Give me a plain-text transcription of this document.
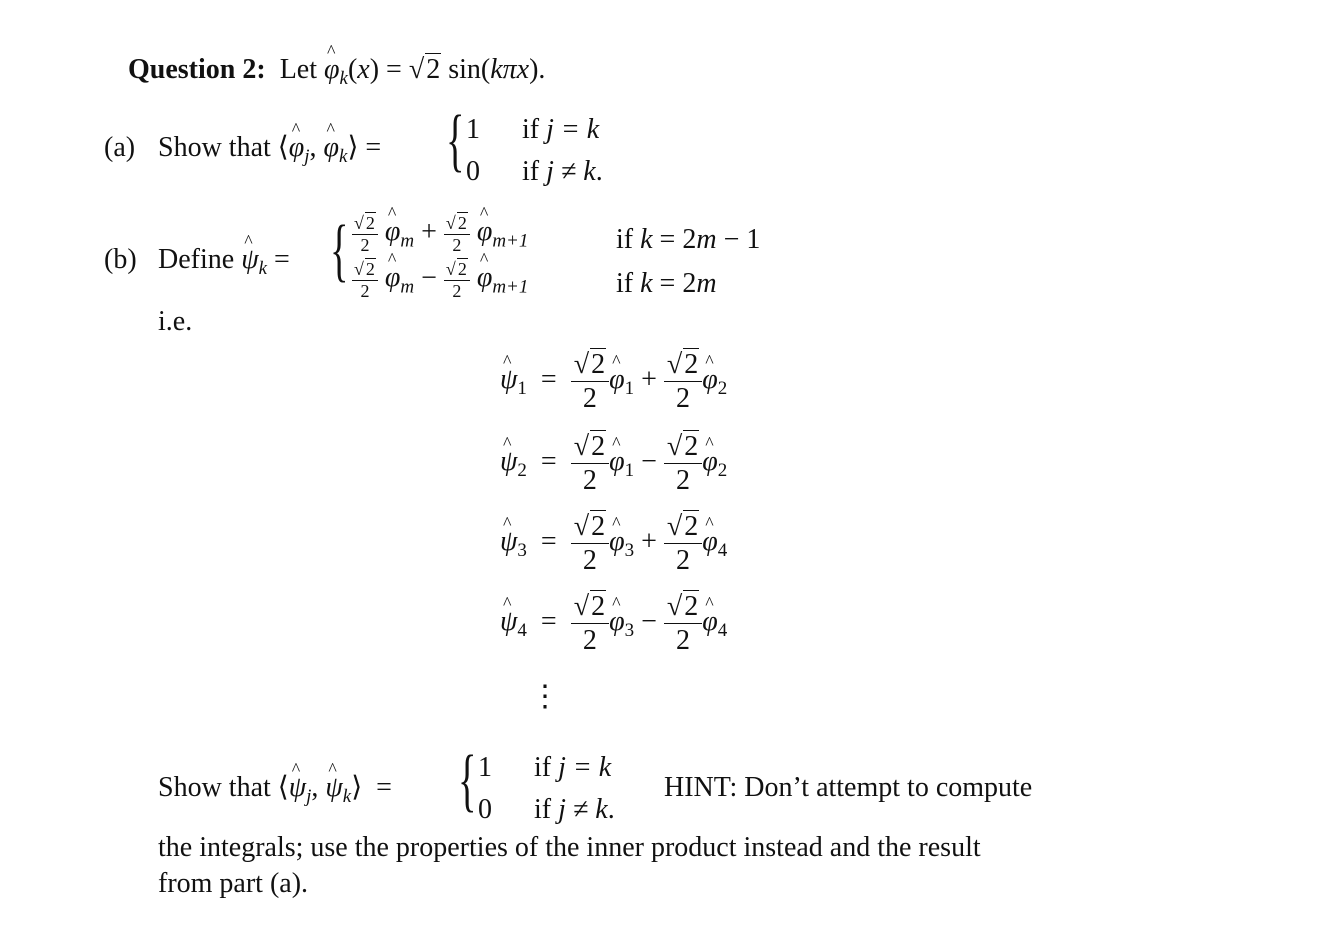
Question 2:  Let φ $\^{}_k(x) = √2$ sin(kπx).
(a) Show that ⟨φ $\^{}_j$, φ $\^{}_k⟩$ = { 1 if j = k
0 if j ≠ k.
(b) Define ψ $\^{}_k$ = { $\frac{√ 2}{2}$ φ $\^{}_m + \frac{√ 2}{2}$ φ $\^{}_{m+1}$	if k = 2m − 1
$\frac{√ 2}{2}$ φ $\^{}_m - \frac{√ 2}{2}$ φ $\^{}_{m+1}$	if k = 2m
i.e.
ψ $\^{}_1 = \frac{√2}{2}$ φ $\^{}_1 + \frac{√2}{2}$ φ $\^{}_2$
ψ $\^{}_2 = \frac{√2}{2}$ φ $\^{}_1 - \frac{√2}{2}$ φ $\^{}_2$
ψ $\^{}_3 = \frac{√2}{2}$ φ $\^{}_3 + \frac{√2}{2}$ φ $\^{}_4$
ψ $\^{}_4 = \frac{√2}{2}$ φ $\^{}_3 - \frac{√2}{2}$ φ $\^{}_4$
⋮
Show that ⟨ψ $\^{}_j$, ψ $\^{}_k⟩$  = { 1 if j = k
0 if j ≠ k.
HINT: Don’t attempt to compute
the integrals; use the properties of the inner product instead and the result
from part (a).
